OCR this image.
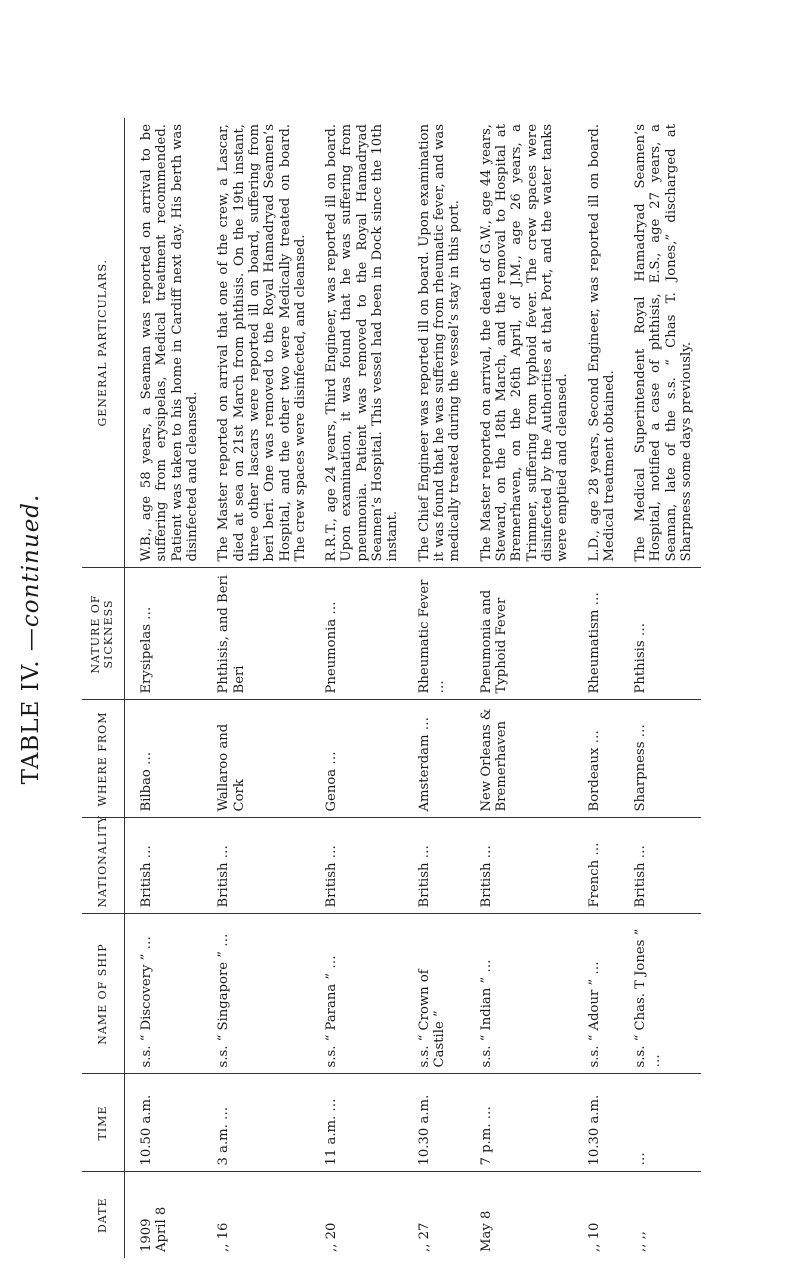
TABLE IV. —continued.
DATE	TIME	NAME OF SHIP	NATIONALITY	WHERE FROM	NATURE OF SICKNESS	GENERAL PARTICULARS.

1909 April 8	10.50 a.m.	s.s. “ Discovery ” …	British …	Bilbao …	Erysipelas …	W.B., age 58 years, a Seaman was reported on arrival to be suffering from erysipelas, Medical treatment recommended. Patient was taken to his home in Cardiff next day. His berth was disinfected and cleansed.
,, 16	3 a.m. …	s.s. “ Singapore ” …	British …	Wallaroo and Cork	Phthisis, and Beri Beri	The Master reported on arrival that one of the crew, a Lascar, died at sea on 21st March from phthisis. On the 19th instant, three other lascars were reported ill on board, suffering from beri beri. One was removed to the Royal Hamadryad Seamen’s Hospital, and the other two were Medically treated on board. The crew spaces were disinfected, and cleansed.
,, 20	11 a.m. …	s.s. “ Parana ” …	British …	Genoa …	Pneumonia …	R.R.T., age 24 years, Third Engineer, was reported ill on board. Upon examination, it was found that he was suffering from pneumonia. Patient was removed to the Royal Hamadryad Seamen’s Hospital. This vessel had been in Dock since the 10th instant.
,, 27	10.30 a.m.	s.s. “ Crown of Castile ”	British …	Amsterdam …	Rheumatic Fever …	The Chief Engineer was reported ill on board. Upon examination it was found that he was suffering from rheumatic fever, and was medically treated during the vessel’s stay in this port.
May 8	7 p.m. …	s.s. “ Indian ” …	British …	New Orleans & Bremerhaven	Pneumonia and Typhoid Fever	The Master reported on arrival, the death of G.W., age 44 years, Steward, on the 18th March, and the removal to Hospital at Bremerhaven, on the 26th April, of J.M., age 26 years, a Trimmer, suffering from typhoid fever. The crew spaces were disinfected by the Authorities at that Port, and the water tanks were emptied and cleansed.
,, 10	10.30 a.m.	s.s. “ Adour ” …	French …	Bordeaux …	Rheumatism …	L.D., age 28 years, Second Engineer, was reported ill on board. Medical treatment obtained.
,, ,,	…	s.s. “ Chas. T Jones ” …	British …	Sharpness …	Phthisis …	The Medical Superintendent Royal Hamadryad Seamen’s Hospital, notified a case of phthisis, E.S., age 27 years, a Seaman, late of the s.s. “ Chas T. Jones,” discharged at Sharpness some days previously.
